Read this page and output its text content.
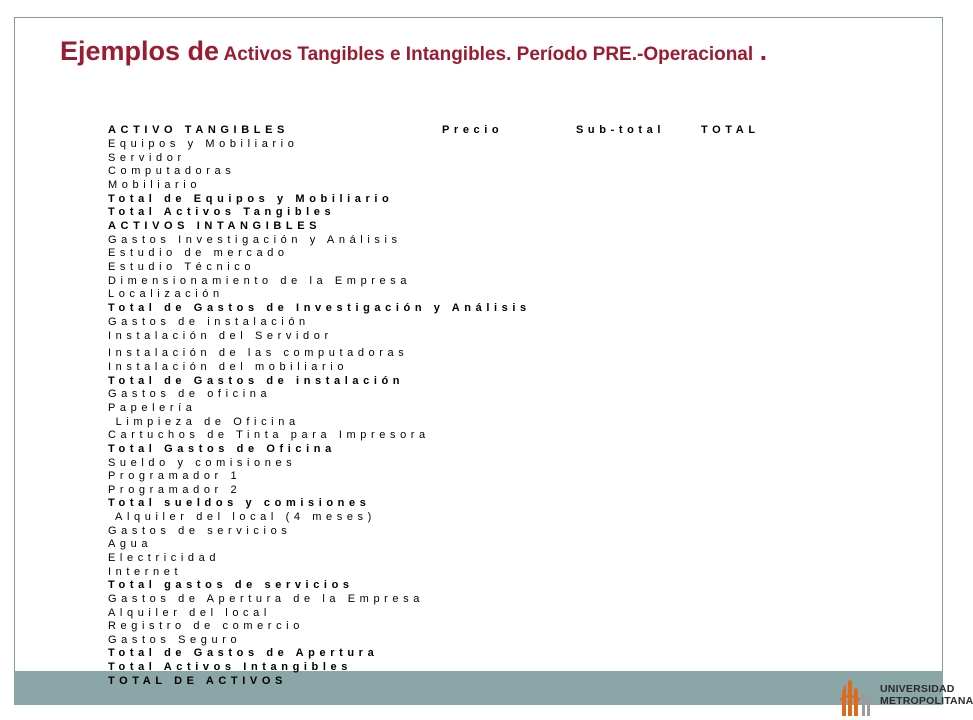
Ejemplos de Activos Tangibles e Intangibles. Período PRE.-Operacional .
ACTIVO TANGIBLES	Precio	Sub-total	TOTAL
Equipos y Mobiliario
Servidor
Computadoras
Mobiliario
Total de Equipos y Mobiliario
Total Activos Tangibles
ACTIVOS INTANGIBLES
Gastos Investigación y Análisis
Estudio de mercado
Estudio Técnico
Dimensionamiento de la Empresa
Localización
Total de Gastos de Investigación y Análisis
Gastos de instalación
Instalación del Servidor
Instalación de las computadoras
Instalación del mobiliario
Total de Gastos de instalación
Gastos de oficina
Papelería
Limpieza de Oficina
Cartuchos de Tinta para Impresora
Total Gastos de Oficina
Sueldo y comisiones
Programador 1
Programador 2
Total sueldos y comisiones
Alquiler del local (4 meses)
Gastos de servicios
Agua
Electricidad
Internet
Total gastos de servicios
Gastos de Apertura de la Empresa
Alquiler del local
Registro de comercio
Gastos Seguro
Total de Gastos de Apertura
Total Activos Intangibles
TOTAL DE ACTIVOS
UNIVERSIDAD
METROPOLITANA
